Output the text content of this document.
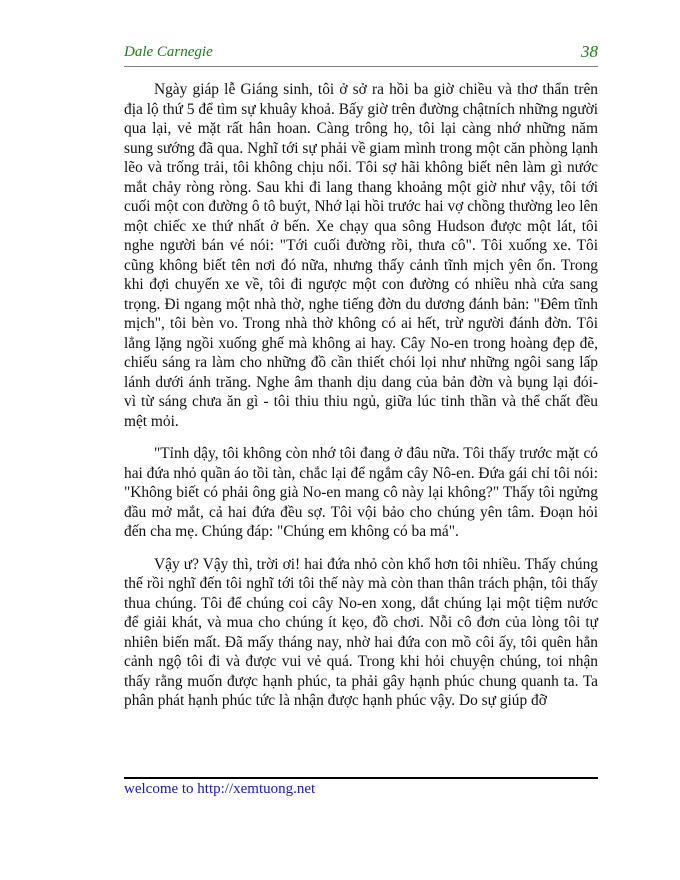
Dale Carnegie	38

Ngày giáp lễ Giáng sinh, tôi ở sở ra hồi ba giờ chiều và thơ thẩn trên địa lộ thứ 5 để tìm sự khuây khoả. Bấy giờ trên đường chậtních những người qua lại, vẻ mặt rất hân hoan. Càng trông họ, tôi lại càng nhớ những năm sung sướng đã qua. Nghĩ tới sự phải về giam mình trong một căn phòng lạnh lẽo và trống trải, tôi không chịu nổi. Tôi sợ hãi không biết nên làm gì nước mắt chảy ròng ròng. Sau khi đi lang thang khoảng một giờ như vậy, tôi tới cuối một con đường ô tô buýt, Nhớ lại hồi trước hai vợ chồng thường leo lên một chiếc xe thứ nhất ở bến. Xe chạy qua sông Hudson được một lát, tôi nghe người bán vé nói: "Tới cuối đường rồi, thưa cô". Tôi xuống xe. Tôi cũng không biết tên nơi đó nữa, nhưng thấy cảnh tĩnh mịch yên ổn. Trong khi đợi chuyến xe về, tôi đi ngược một con đường có nhiều nhà cửa sang trọng. Đi ngang một nhà thờ, nghe tiếng đờn du dương đánh bản: "Đêm tĩnh mịch", tôi bèn vo. Trong nhà thờ không có ai hết, trừ người đánh đờn. Tôi lẳng lặng ngồi xuống ghế mà không ai hay. Cây No-en trong hoàng đẹp đẽ, chiếu sáng ra làm cho những đồ cần thiết chói lọi như những ngôi sang lấp lánh dưới ánh trăng. Nghe âm thanh dịu dang của bản đờn và bụng lại đói- vì từ sáng chưa ăn gì - tôi thiu thiu ngủ, giữa lúc tinh thần và thể chất đều mệt mỏi.

"Tỉnh dậy, tôi không còn nhớ tôi đang ở đâu nữa. Tôi thấy trước mặt có hai đứa nhỏ quần áo tồi tàn, chắc lại để ngắm cây Nô-en. Đứa gái chỉ tôi nói: "Không biết có phải ông già No-en mang cô này lại không?" Thấy tôi ngửng đầu mở mắt, cả hai đứa đều sợ. Tôi vội bảo cho chúng yên tâm. Đoạn hỏi đến cha mẹ. Chúng đáp: "Chúng em không có ba má".

Vậy ư? Vậy thì, trời ơi! hai đứa nhỏ còn khổ hơn tôi nhiều. Thấy chúng thế rồi nghĩ đến tôi nghĩ tới tôi thế này mà còn than thân trách phận, tôi thấy thua chúng. Tôi để chúng coi cây No-en xong, dắt chúng lại một tiệm nước để giải khát, và mua cho chúng ít kẹo, đồ chơi. Nỗi cô đơn của lòng tôi tự nhiên biến mất. Đã mấy tháng nay, nhờ hai đứa con mồ côi ấy, tôi quên hẳn cảnh ngộ tôi đi và được vui vẻ quá. Trong khi hỏi chuyện chúng, toi nhận thấy rằng muốn được hạnh phúc, ta phải gây hạnh phúc chung quanh ta. Ta phân phát hạnh phúc tức là nhận được hạnh phúc vậy. Do sự giúp đỡ

welcome to http://xemtuong.net
